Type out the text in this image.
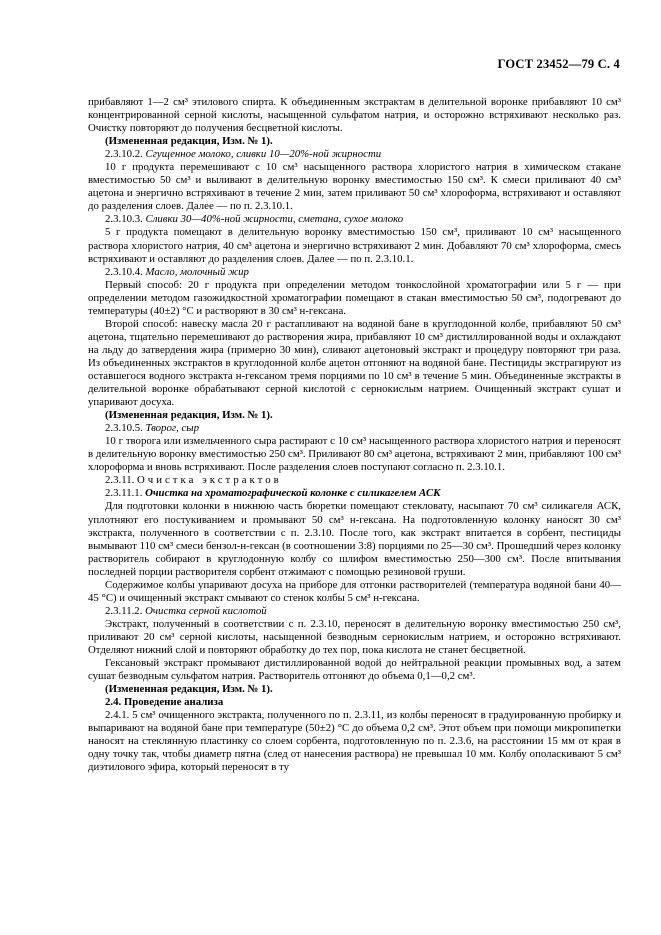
ГОСТ 23452—79 С. 4

прибавляют 1—2 см³ этилового спирта. К объединенным экстрактам в делительной воронке прибавляют 10 см³ концентрированной серной кислоты, насыщенной сульфатом натрия, и осторожно встряхивают несколько раз. Очистку повторяют до получения бесцветной кислоты.

(Измененная редакция, Изм. № 1).

2.3.10.2. Сгущенное молоко, сливки 10—20%-ной жирности

10 г продукта перемешивают с 10 см³ насыщенного раствора хлористого натрия в химическом стакане вместимостью 50 см³ и выливают в делительную воронку вместимостью 150 см³. К смеси приливают 40 см³ ацетона и энергично встряхивают в течение 2 мин, затем приливают 50 см³ хлороформа, встряхивают и оставляют до разделения слоев. Далее — по п. 2.3.10.1.

2.3.10.3. Сливки 30—40%-ной жирности, сметана, сухое молоко

5 г продукта помещают в делительную воронку вместимостью 150 см³, приливают 10 см³ насыщенного раствора хлористого натрия, 40 см³ ацетона и энергично встряхивают 2 мин. Добавляют 70 см³ хлороформа, смесь встряхивают и оставляют до разделения слоев. Далее — по п. 2.3.10.1.

2.3.10.4. Масло, молочный жир

Первый способ: 20 г продукта при определении методом тонкослойной хроматографии или 5 г — при определении методом газожидкостной хроматографии помещают в стакан вместимостью 50 см³, подогревают до температуры (40±2) °С и растворяют в 30 см³ н-гексана.

Второй способ: навеску масла 20 г растапливают на водяной бане в круглодонной колбе, прибавляют 50 см³ ацетона, тщательно перемешивают до растворения жира, прибавляют 10 см³ дистиллированной воды и охлаждают на льду до затвердения жира (примерно 30 мин), сливают ацетоновый экстракт и процедуру повторяют три раза. Из объединенных экстрактов в круглодонной колбе ацетон отгоняют на водяной бане. Пестициды экстрагируют из оставшегося водного экстракта н-гексаном тремя порциями по 10 см³ в течение 5 мин. Объединенные экстракты в делительной воронке обрабатывают серной кислотой с сернокислым натрием. Очищенный экстракт сушат и упаривают досуха.

(Измененная редакция, Изм. № 1).

2.3.10.5. Творог, сыр

10 г творога или измельченного сыра растирают с 10 см³ насыщенного раствора хлористого натрия и переносят в делительную воронку вместимостью 250 см³. Приливают 80 см³ ацетона, встряхивают 2 мин, прибавляют 100 см³ хлороформа и вновь встряхивают. После разделения слоев поступают согласно п. 2.3.10.1.

2.3.11. Очистка экстрактов

2.3.11.1. Очистка на хроматографической колонке с силикагелем АСК

Для подготовки колонки в нижнюю часть бюретки помещают стекловату, насыпают 70 см³ силикагеля АСК, уплотняют его постукиванием и промывают 50 см³ н-гексана. На подготовленную колонку наносят 30 см³ экстракта, полученного в соответствии с п. 2.3.10. После того, как экстракт впитается в сорбент, пестициды вымывают 110 см³ смеси бензол-н-гексан (в соотношении 3:8) порциями по 25—30 см³. Прошедший через колонку растворитель собирают в круглодонную колбу со шлифом вместимостью 250—300 см³. После впитывания последней порции растворителя сорбент отжимают с помощью резиновой груши.

Содержимое колбы упаривают досуха на приборе для отгонки растворителей (температура водяной бани 40—45 °С) и очищенный экстракт смывают со стенок колбы 5 см³ н-гексана.

2.3.11.2. Очистка серной кислотой

Экстракт, полученный в соответствии с п. 2.3.10, переносят в делительную воронку вместимостью 250 см³, приливают 20 см³ серной кислоты, насыщенной безводным сернокислым натрием, и осторожно встряхивают. Отделяют нижний слой и повторяют обработку до тех пор, пока кислота не станет бесцветной.

Гексановый экстракт промывают дистиллированной водой до нейтральной реакции промывных вод, а затем сушат безводным сульфатом натрия. Растворитель отгоняют до объема 0,1—0,2 см³.

(Измененная редакция, Изм. № 1).

2.4. Проведение анализа

2.4.1. 5 см³ очищенного экстракта, полученного по п. 2.3.11, из колбы переносят в градуированную пробирку и выпаривают на водяной бане при температуре (50±2) °С до объема 0,2 см³. Этот объем при помощи микропипетки наносят на стеклянную пластинку со слоем сорбента, подготовленную по п. 2.3.6, на расстоянии 15 мм от края в одну точку так, чтобы диаметр пятна (след от нанесения раствора) не превышал 10 мм. Колбу ополаскивают 5 см³ диэтилового эфира, который переносят в ту
